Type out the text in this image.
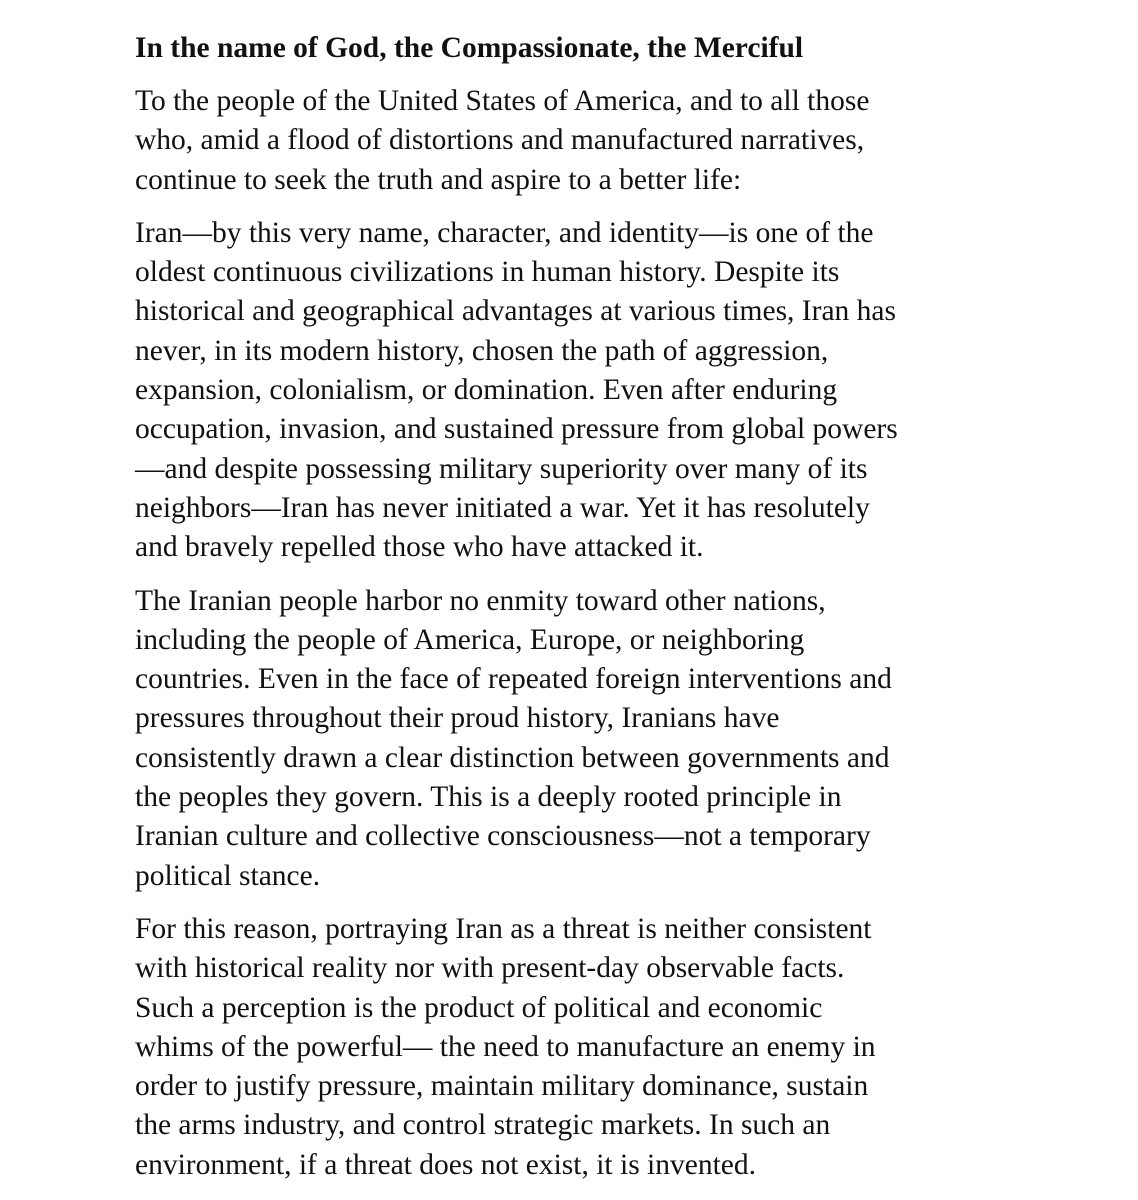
In the name of God, the Compassionate, the Merciful

To the people of the United States of America, and to all those
who, amid a flood of distortions and manufactured narratives,
continue to seek the truth and aspire to a better life:

Iran—by this very name, character, and identity—is one of the
oldest continuous civilizations in human history. Despite its
historical and geographical advantages at various times, Iran has
never, in its modern history, chosen the path of aggression,
expansion, colonialism, or domination. Even after enduring
occupation, invasion, and sustained pressure from global powers
—and despite possessing military superiority over many of its
neighbors—Iran has never initiated a war. Yet it has resolutely
and bravely repelled those who have attacked it.

The Iranian people harbor no enmity toward other nations,
including the people of America, Europe, or neighboring
countries. Even in the face of repeated foreign interventions and
pressures throughout their proud history, Iranians have
consistently drawn a clear distinction between governments and
the peoples they govern. This is a deeply rooted principle in
Iranian culture and collective consciousness—not a temporary
political stance.

For this reason, portraying Iran as a threat is neither consistent
with historical reality nor with present-day observable facts.
Such a perception is the product of political and economic
whims of the powerful— the need to manufacture an enemy in
order to justify pressure, maintain military dominance, sustain
the arms industry, and control strategic markets. In such an
environment, if a threat does not exist, it is invented.
